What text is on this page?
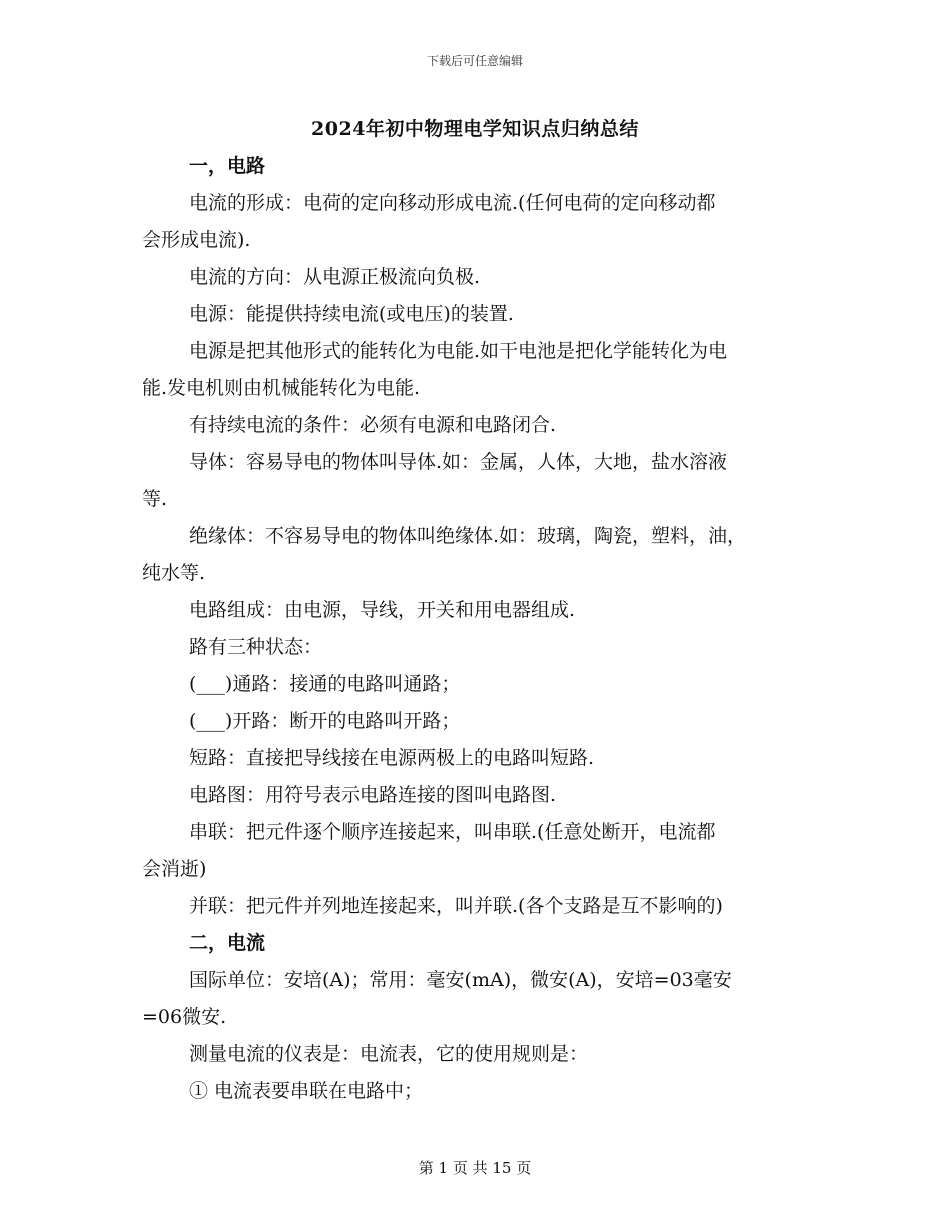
下载后可任意编辑
2024年初中物理电学知识点归纳总结
一，电路
电流的形成：电荷的定向移动形成电流.(任何电荷的定向移动都
会形成电流).
电流的方向：从电源正极流向负极.
电源：能提供持续电流(或电压)的装置.
电源是把其他形式的能转化为电能.如干电池是把化学能转化为电
能.发电机则由机械能转化为电能.
有持续电流的条件：必须有电源和电路闭合.
导体：容易导电的物体叫导体.如：金属，人体，大地，盐水溶液
等.
绝缘体：不容易导电的物体叫绝缘体.如：玻璃，陶瓷，塑料，油，
纯水等.
电路组成：由电源，导线，开关和用电器组成.
路有三种状态：
(___)通路：接通的电路叫通路；
(___)开路：断开的电路叫开路；
短路：直接把导线接在电源两极上的电路叫短路.
电路图：用符号表示电路连接的图叫电路图.
串联：把元件逐个顺序连接起来，叫串联.(任意处断开，电流都
会消逝)
并联：把元件并列地连接起来，叫并联.(各个支路是互不影响的)
二，电流
国际单位：安培(A)；常用：毫安(mA)，微安(A)，安培=03毫安
=06微安.
测量电流的仪表是：电流表，它的使用规则是：
① 电流表要串联在电路中；
第 1 页 共 15 页
